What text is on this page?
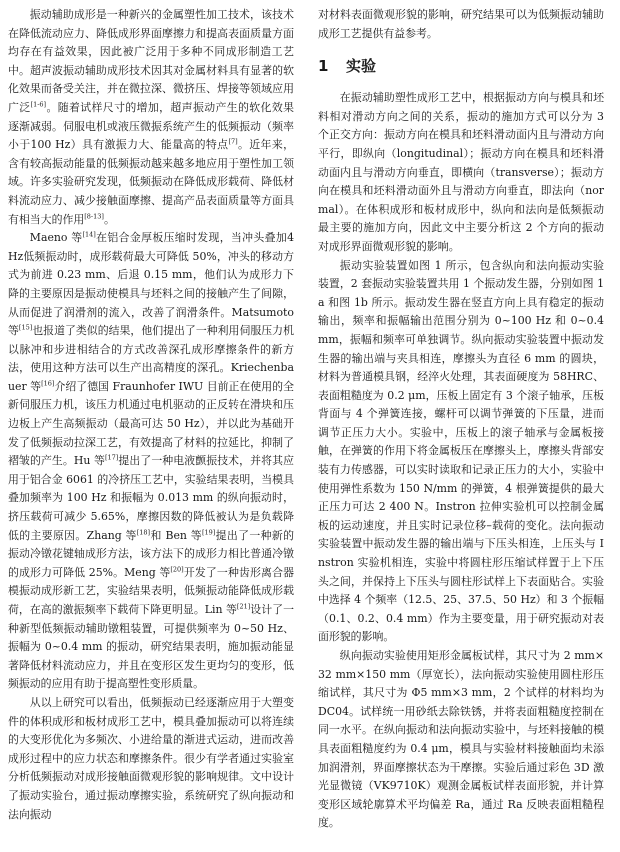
振动辅助成形是一种新兴的金属塑性加工技术，该技术在降低流动应力、降低成形界面摩擦力和提高表面质量方面均存在有益效果，因此被广泛用于多种不同成形制造工艺中。超声波振动辅助成形技术因其对金属材料具有显著的软化效果而备受关注，并在微拉深、微挤压、焊接等领域应用广泛[1-6]。随着试样尺寸的增加，超声振动产生的软化效果逐渐减弱。伺服电机或液压微振系统产生的低频振动（频率小于100 Hz）具有激振力大、能量高的特点[7]。近年来，含有较高振动能量的低频振动越来越多地应用于塑性加工领域。许多实验研究发现，低频振动在降低成形载荷、降低材料流动应力、减少接触面摩擦、提高产品表面质量等方面具有相当大的作用[8-13]。

Maeno 等[14]在铝合金厚板压缩时发现，当冲头叠加4 Hz低频振动时，成形载荷最大可降低 50%，冲头的移动方式为前进 0.23 mm、后退 0.15 mm，他们认为成形力下降的主要原因是振动使模具与坯料之间的接触产生了间隙，从而促进了润滑剂的流入，改善了润滑条件。Matsumoto 等[15]也报道了类似的结果，他们提出了一种利用伺服压力机以脉冲和步进相结合的方式改善深孔成形摩擦条件的新方法，使用这种方法可以生产出高精度的深孔。Kriechenbauer 等[16]介绍了德国 Fraunhofer IWU 目前正在使用的全新伺服压力机，该压力机通过电机驱动的正反转在滑块和压边板上产生高频振动（最高可达 50 Hz），并以此为基础开发了低频振动拉深工艺，有效提高了材料的拉延比，抑制了褶皱的产生。Hu 等[17]提出了一种电液颤振技术，并将其应用于铝合金 6061 的冷挤压工艺中，实验结果表明，当模具叠加频率为 100 Hz 和振幅为 0.013 mm 的纵向振动时，挤压载荷可减少 5.65%，摩擦因数的降低被认为是负载降低的主要原因。Zhang 等[18]和 Ben 等[19]提出了一种新的振动冷镦花键轴成形方法，该方法下的成形力相比普通冷镦的成形力可降低 25%。Meng 等[20]开发了一种齿形离合器模振动成形新工艺，实验结果表明，低频振动能降低成形载荷，在高的激振频率下载荷下降更明显。Lin 等[21]设计了一种新型低频振动辅助镦粗装置，可提供频率为 0~50 Hz、振幅为 0~0.4 mm 的振动，研究结果表明，施加振动能显著降低材料流动应力，并且在变形区发生更均匀的变形，低频振动的应用有助于提高塑性变形质量。

从以上研究可以看出，低频振动已经逐渐应用于大塑变件的体积成形和板材成形工艺中，模具叠加振动可以将连续的大变形优化为多频次、小进给量的渐进式运动，进而改善成形过程中的应力状态和摩擦条件。很少有学者通过实验室分析低频振动对成形接触面微观形貌的影响规律。文中设计了振动实验台，通过振动摩擦实验，系统研究了纵向振动和法向振动

对材料表面微观形貌的影响，研究结果可以为低频振动辅助成形工艺提供有益参考。

1 实验

在振动辅助塑性成形工艺中，根据振动方向与模具和坯料相对滑动方向之间的关系，振动的施加方式可以分为 3 个正交方向：振动方向在模具和坯料滑动面内且与滑动方向平行，即纵向（longitudinal）；振动方向在模具和坯料滑动面内且与滑动方向垂直，即横向（transverse）；振动方向在模具和坯料滑动面外且与滑动方向垂直，即法向（normal）。在体积成形和板材成形中，纵向和法向是低频振动最主要的施加方向，因此文中主要分析这 2 个方向的振动对成形界面微观形貌的影响。

振动实验装置如图 1 所示，包含纵向和法向振动实验装置，2 套振动实验装置共用 1 个振动发生器，分别如图 1a 和图 1b 所示。振动发生器在竖直方向上具有稳定的振动输出，频率和振幅输出范围分别为 0~100 Hz 和 0~0.4 mm，振幅和频率可单独调节。纵向振动实验装置中振动发生器的输出端与夹具相连，摩擦头为直径 6 mm 的圆块，材料为普通模具钢，经淬火处理，其表面硬度为 58HRC、表面粗糙度为 0.2 μm，压板上固定有 3 个滚子轴承，压板背面与 4 个弹簧连接，螺杆可以调节弹簧的下压量，进而调节正压力大小。实验中，压板上的滚子轴承与金属板接触，在弹簧的作用下将金属板压在摩擦头上，摩擦头背部安装有力传感器，可以实时读取和记录正压力的大小，实验中使用弹性系数为 150 N/mm 的弹簧，4 根弹簧提供的最大正压力可达 2 400 N。Instron 拉伸实验机可以控制金属板的运动速度，并且实时记录位移–载荷的变化。法向振动实验装置中振动发生器的输出端与下压头相连，上压头与 Instron 实验机相连，实验中将圆柱形压缩试样置于上下压头之间，并保持上下压头与圆柱形试样上下表面贴合。实验中选择 4 个频率（12.5、25、37.5、50 Hz）和 3 个振幅（0.1、0.2、0.4 mm）作为主要变量，用于研究振动对表面形貌的影响。

纵向振动实验使用矩形金属板试样，其尺寸为 2 mm×32 mm×150 mm（厚宽长），法向振动实验使用圆柱形压缩试样，其尺寸为 Φ5 mm×3 mm，2 个试样的材料均为 DC04。试样统一用砂纸去除铁锈，并将表面粗糙度控制在同一水平。在纵向振动和法向振动实验中，与坯料接触的模具表面粗糙度约为 0.4 μm，模具与实验材料接触面均未添加润滑剂，界面摩擦状态为干摩擦。实验后通过彩色 3D 激光显微镜（VK9710K）观测金属板试样表面形貌，并计算变形区域轮廓算术平均偏差 Ra，通过 Ra 反映表面粗糙程度。
